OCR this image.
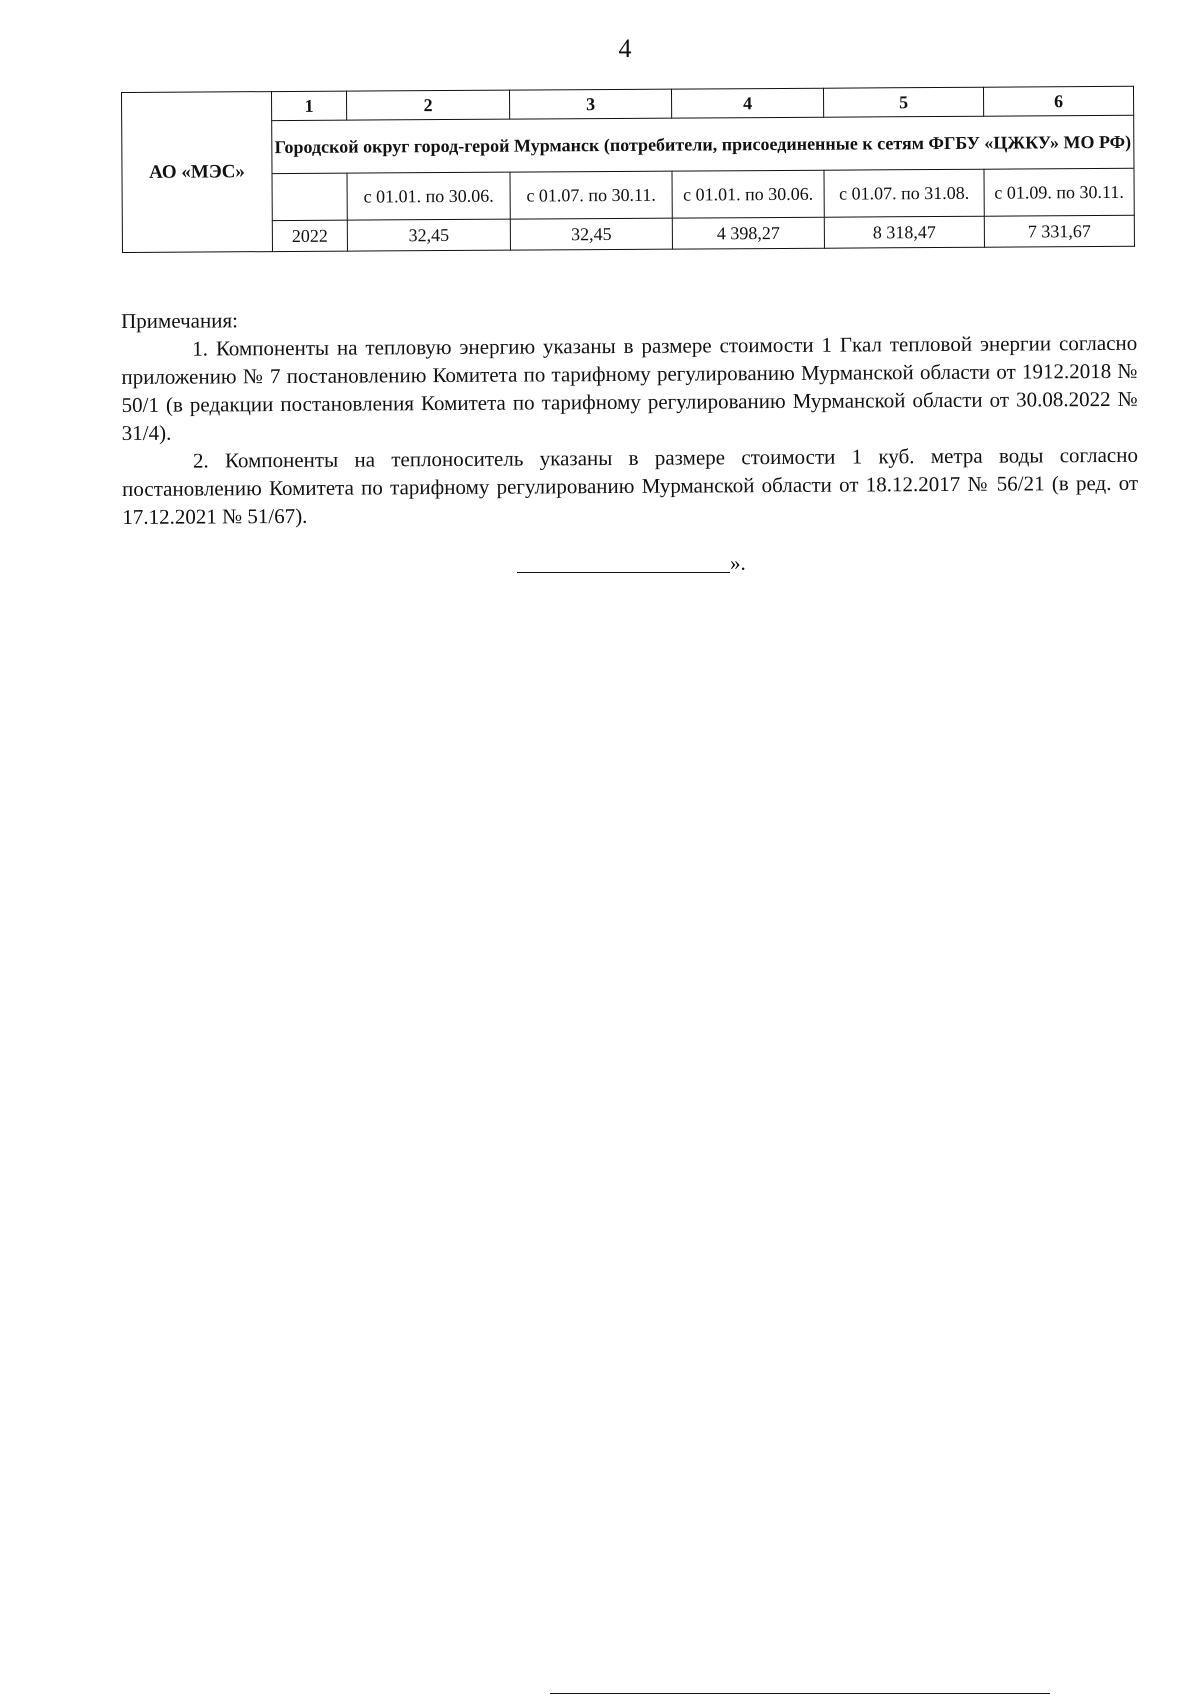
4
АО «МЭС»	1	2	3	4	5	6
	Городской округ город-герой Мурманск (потребители, присоединенные к сетям ФГБУ «ЦЖКУ» МО РФ)					
		с 01.01. по 30.06.	с 01.07. по 30.11.	с 01.01. по 30.06.	с 01.07. по 31.08.	с 01.09. по 30.11.
	2022	32,45	32,45	4 398,27	8 318,47	7 331,67

Примечания:

1. Компоненты на тепловую энергию указаны в размере стоимости 1 Гкал тепловой энергии согласно приложению № 7 постановлению Комитета по тарифному регулированию Мурманской области от 1912.2018 № 50/1 (в редакции постановления Комитета по тарифному регулированию Мурманской области от 30.08.2022 № 31/4).

2. Компоненты на теплоноситель указаны в размере стоимости 1 куб. метра воды согласно постановлению Комитета по тарифному регулированию Мурманской области от 18.12.2017 № 56/21 (в ред. от 17.12.2021 № 51/67).

».
